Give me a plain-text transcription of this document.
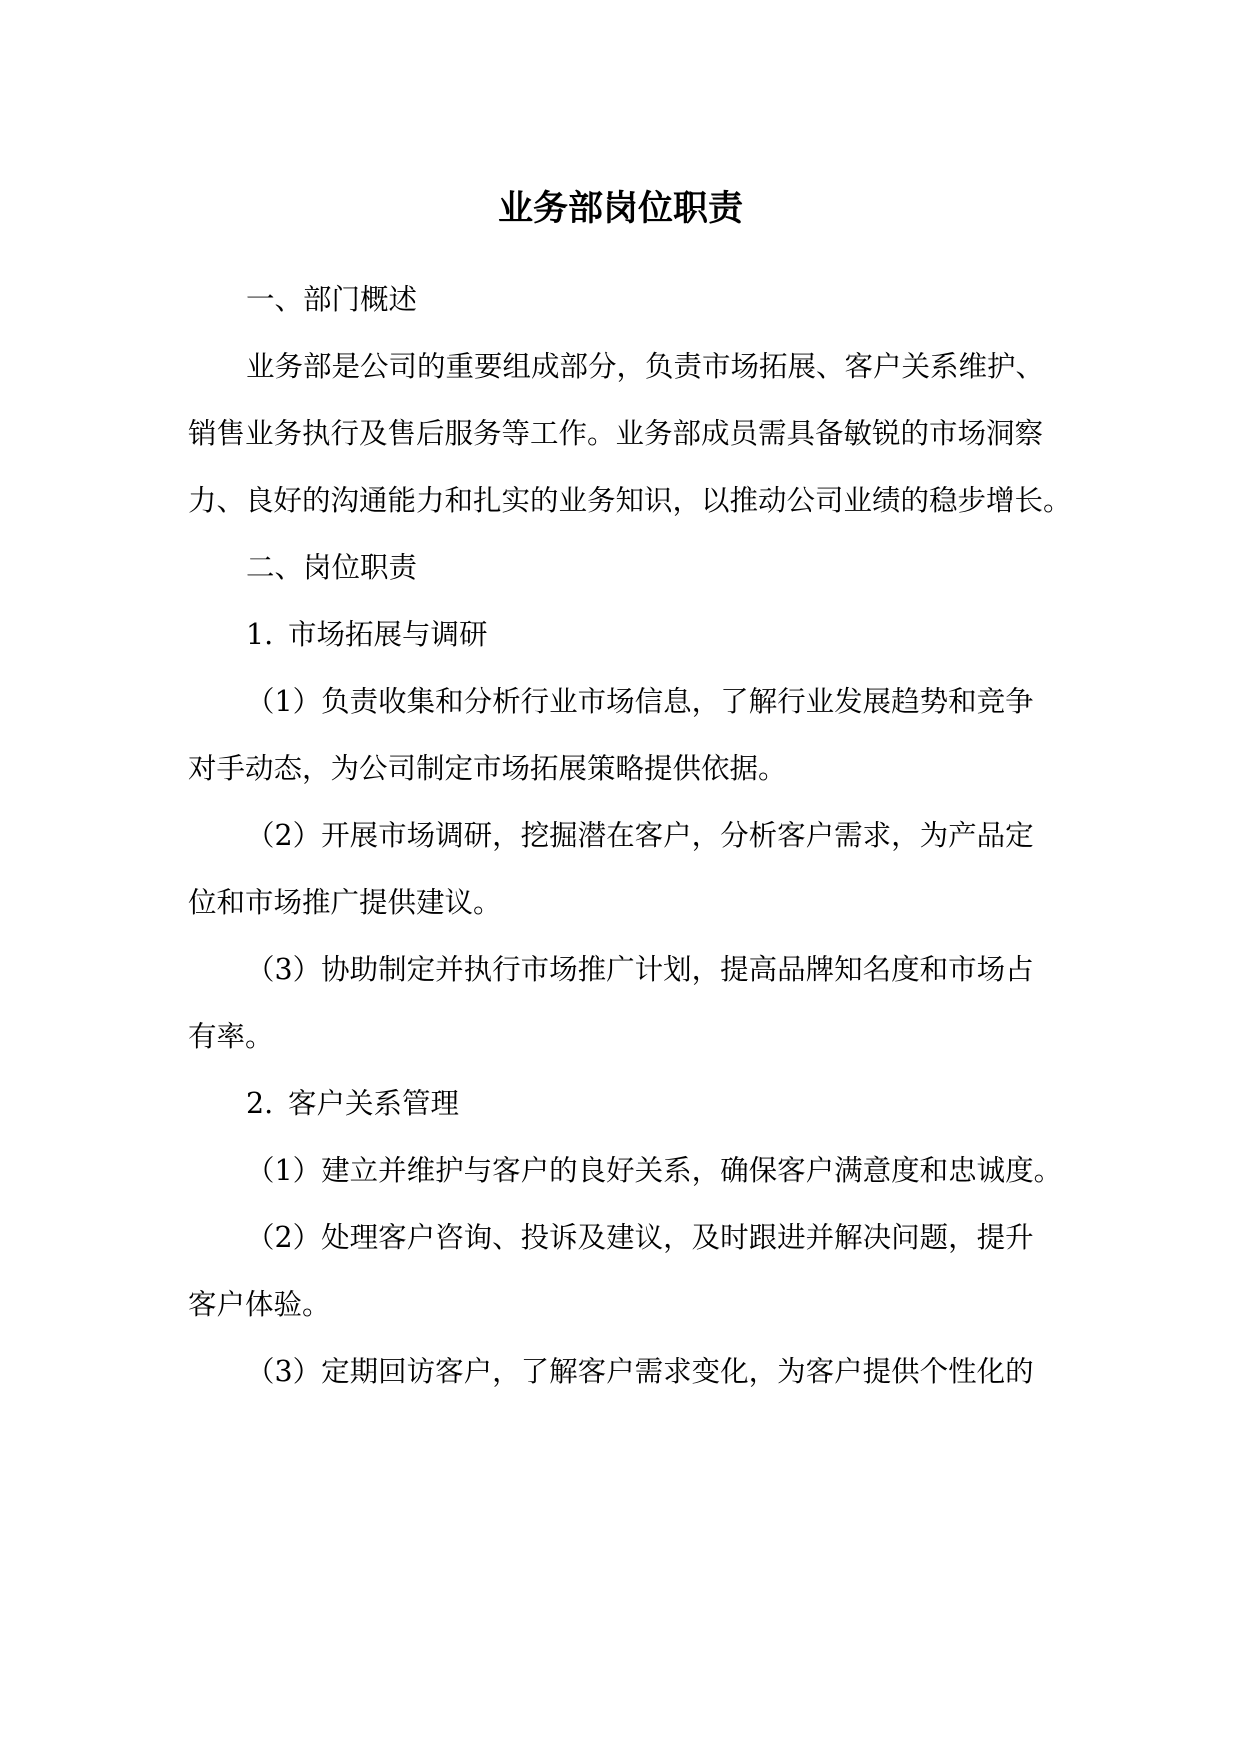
业务部岗位职责

一、部门概述

业务部是公司的重要组成部分，负责市场拓展、客户关系维护、

销售业务执行及售后服务等工作。业务部成员需具备敏锐的市场洞察

力、良好的沟通能力和扎实的业务知识，以推动公司业绩的稳步增长。

二、岗位职责

1. 市场拓展与调研

（1）负责收集和分析行业市场信息，了解行业发展趋势和竞争

对手动态，为公司制定市场拓展策略提供依据。

（2）开展市场调研，挖掘潜在客户，分析客户需求，为产品定

位和市场推广提供建议。

（3）协助制定并执行市场推广计划，提高品牌知名度和市场占

有率。

2. 客户关系管理

（1）建立并维护与客户的良好关系，确保客户满意度和忠诚度。

（2）处理客户咨询、投诉及建议，及时跟进并解决问题，提升

客户体验。

（3）定期回访客户，了解客户需求变化，为客户提供个性化的
